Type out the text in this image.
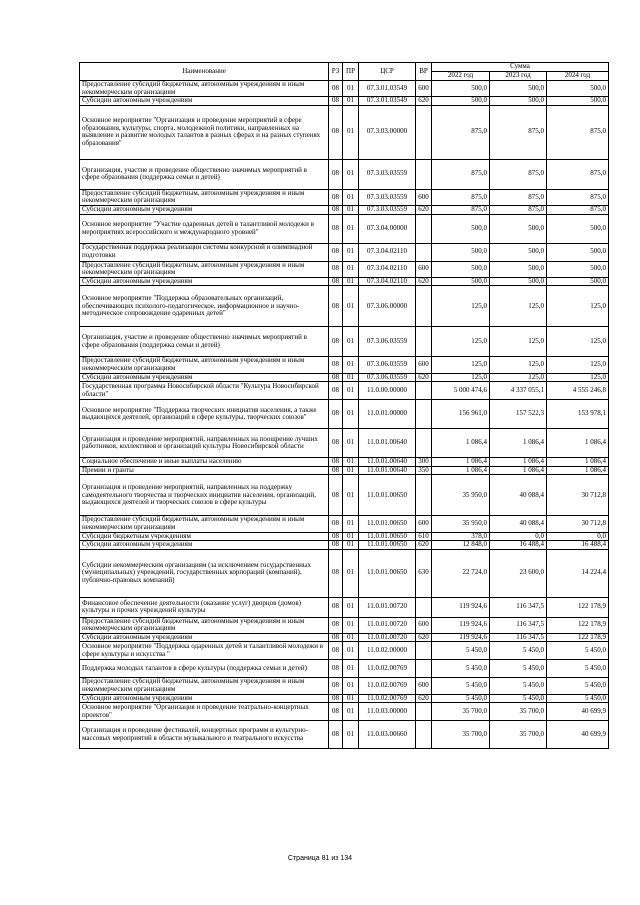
Наименование	РЗ	ПР	ЦСР	ВР	Сумма		
					2022 год	2023 год	2024 год
Предоставление субсидий бюджетным, автономным учреждениям и иным некоммерческим организациям	08	01	07.3.01.03549	600	500,0	500,0	500,0
Субсидии автономным учреждениям	08	01	07.3.01.03549	620	500,0	500,0	500,0
Основное мероприятие "Организация и проведение мероприятий в сфере образования, культуры, спорта, молодежной политики, направленных на выявление и развитие молодых талантов в разных сферах и на разных ступенях образования"	08	01	07.3.03.00000		875,0	875,0	875,0
Организация, участие и проведение общественно значимых мероприятий в сфере образования (поддержка семьи и детей)	08	01	07.3.03.03559		875,0	875,0	875,0
Предоставление субсидий бюджетным, автономным учреждениям и иным некоммерческим организациям	08	01	07.3.03.03559	600	875,0	875,0	875,0
Субсидии автономным учреждениям	08	01	07.3.03.03559	620	875,0	875,0	875,0
Основное мероприятие "Участие одаренных детей в талантливой молодежи в мероприятиях всероссийского и международного уровней"	08	01	07.3.04.00000		500,0	500,0	500,0
Государственная поддержка реализации системы конкурсной и олимпиадной подготовки	08	01	07.3.04.02110		500,0	500,0	500,0
Предоставление субсидий бюджетным, автономным учреждениям и иным некоммерческим организациям	08	01	07.3.04.02110	600	500,0	500,0	500,0
Субсидии автономным учреждениям	08	01	07.3.04.02110	620	500,0	500,0	500,0
Основное мероприятие "Поддержка образовательных организаций, обеспечивающих психолого-педагогическое, информационное и научно-методическое сопровождение одаренных детей"	08	01	07.3.06.00000		125,0	125,0	125,0
Организация, участие и проведение общественно значимых мероприятий в сфере образования (поддержка семьи и детей)	08	01	07.3.06.03559		125,0	125,0	125,0
Предоставление субсидий бюджетным, автономным учреждениям и иным некоммерческим организациям	08	01	07.3.06.03559	600	125,0	125,0	125,0
Субсидии автономным учреждениям	08	01	07.3.06.03559	620	125,0	125,0	125,0
Государственная программа Новосибирской области "Культура Новосибирской области"	08	01	11.0.00.00000		5 000 474,6	4 337 055,1	4 555 246,8
Основное мероприятие "Поддержка творческих инициатив населения, а также выдающихся деятелей, организаций в сфере культуры, творческих союзов"	08	01	11.0.01.00000		156 961,0	157 522,3	153 978,1
Организация и проведение мероприятий, направленных на поощрение лучших работников, коллективов и организаций культуры Новосибирской области	08	01	11.0.01.00640		1 086,4	1 086,4	1 086,4
Социальное обеспечение и иные выплаты населению	08	01	11.0.01.00640	300	1 086,4	1 086,4	1 086,4
Премии и гранты	08	01	11.0.01.00640	350	1 086,4	1 086,4	1 086,4
Организация и проведение мероприятий, направленных на поддержку самодеятельного творчества и творческих инициатив населения, организаций, выдающихся деятелей и творческих союзов в сфере культуры	08	01	11.0.01.00650		35 950,0	40 088,4	30 712,8
Предоставление субсидий бюджетным, автономным учреждениям и иным некоммерческим организациям	08	01	11.0.01.00650	600	35 950,0	40 088,4	30 712,8
Субсидии бюджетным учреждениям	08	01	11.0.01.00650	610	378,0	0,0	0,0
Субсидии автономным учреждениям	08	01	11.0.01.00650	620	12 848,0	16 488,4	16 488,4
Субсидии некоммерческим организациям (за исключением государственных (муниципальных) учреждений, государственных корпораций (компаний), публично-правовых компаний)	08	01	11.0.01.00650	630	22 724,0	23 600,0	14 224,4
Финансовое обеспечение деятельности (оказание услуг) дворцов (домов) культуры и прочих учреждений культуры	08	01	11.0.01.00720		119 924,6	116 347,5	122 178,9
Предоставление субсидий бюджетным, автономным учреждениям и иным некоммерческим организациям	08	01	11.0.01.00720	600	119 924,6	116 347,5	122 178,9
Субсидии автономным учреждениям	08	01	11.0.01.00720	620	119 924,6	116 347,5	122 178,9
Основное мероприятие "Поддержка одаренных детей и талантливой молодежи в сфере культуры и искусства "	08	01	11.0.02.00000		5 450,0	5 450,0	5 450,0
Поддержка молодых талантов в сфере культуры (поддержка семьи и детей)	08	01	11.0.02.00769		5 450,0	5 450,0	5 450,0
Предоставление субсидий бюджетным, автономным учреждениям и иным некоммерческим организациям	08	01	11.0.02.00769	600	5 450,0	5 450,0	5 450,0
Субсидии автономным учреждениям	08	01	11.0.02.00769	620	5 450,0	5 450,0	5 450,0
Основное мероприятие "Организация и проведение театрально-концертных проектов"	08	01	11.0.03.00000		35 700,0	35 700,0	40 699,9
Организация и проведение фестивалей, концертных программ и культурно- массовых мероприятий в области музыкального и театрального искусства	08	01	11.0.03.00660		35 700,0	35 700,0	40 699,9
Страница 81 из 134
